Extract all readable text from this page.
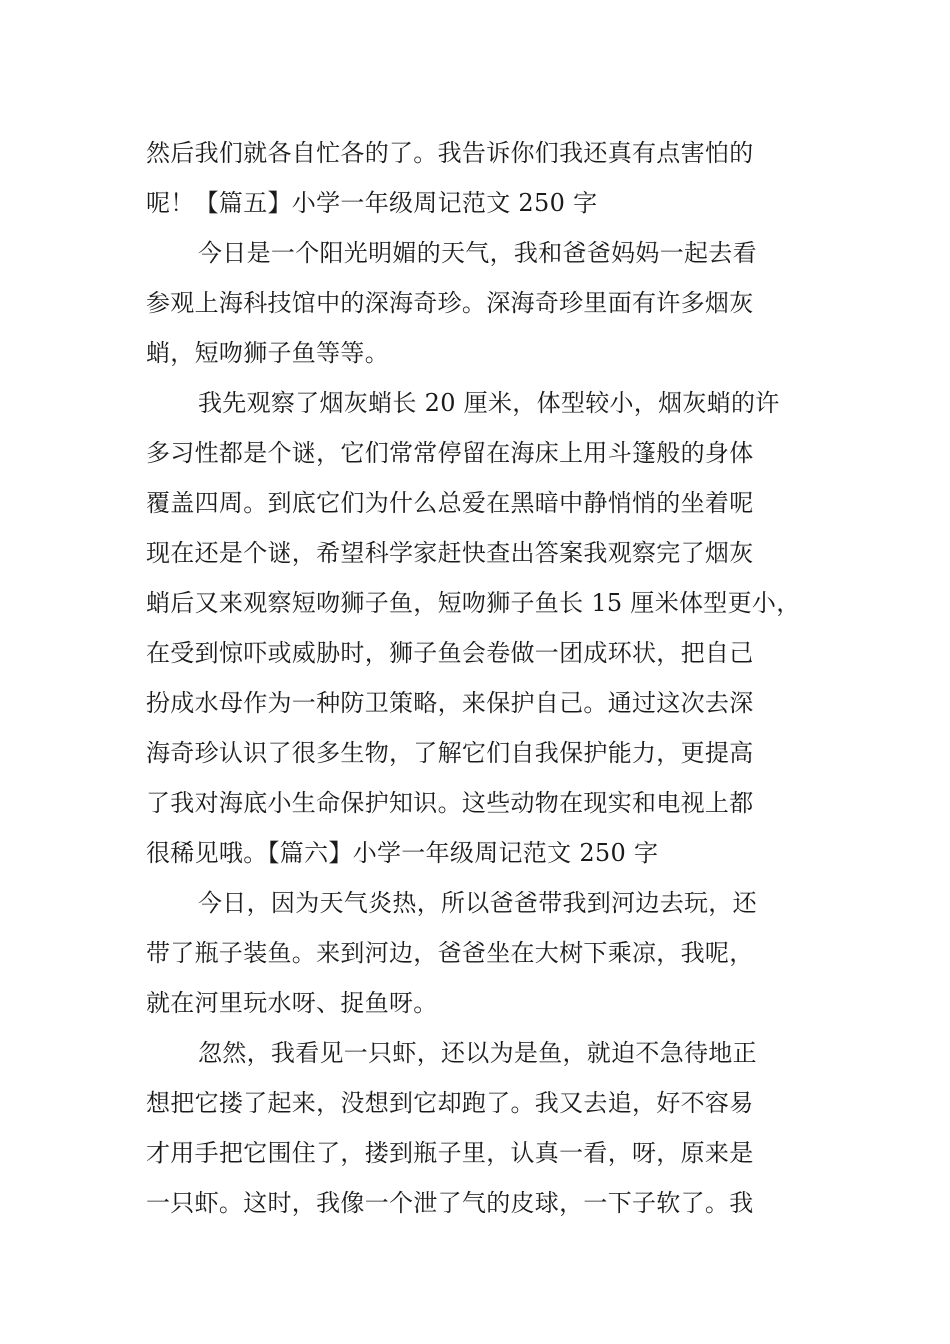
然后我们就各自忙各的了。我告诉你们我还真有点害怕的
呢！【篇五】小学一年级周记范文 250 字
今日是一个阳光明媚的天气，我和爸爸妈妈一起去看
参观上海科技馆中的深海奇珍。深海奇珍里面有许多烟灰
蛸，短吻狮子鱼等等。
我先观察了烟灰蛸长 20 厘米，体型较小，烟灰蛸的许
多习性都是个谜，它们常常停留在海床上用斗篷般的身体
覆盖四周。到底它们为什么总爱在黑暗中静悄悄的坐着呢
现在还是个谜，希望科学家赶快查出答案我观察完了烟灰
蛸后又来观察短吻狮子鱼，短吻狮子鱼长 15 厘米体型更小，
在受到惊吓或威胁时，狮子鱼会卷做一团成环状，把自己
扮成水母作为一种防卫策略，来保护自己。通过这次去深
海奇珍认识了很多生物，了解它们自我保护能力，更提高
了我对海底小生命保护知识。这些动物在现实和电视上都
很稀见哦。【篇六】小学一年级周记范文 250 字
今日，因为天气炎热，所以爸爸带我到河边去玩，还
带了瓶子装鱼。来到河边，爸爸坐在大树下乘凉，我呢，
就在河里玩水呀、捉鱼呀。
忽然，我看见一只虾，还以为是鱼，就迫不急待地正
想把它搂了起来，没想到它却跑了。我又去追，好不容易
才用手把它围住了，搂到瓶子里，认真一看，呀，原来是
一只虾。这时，我像一个泄了气的皮球，一下子软了。我
